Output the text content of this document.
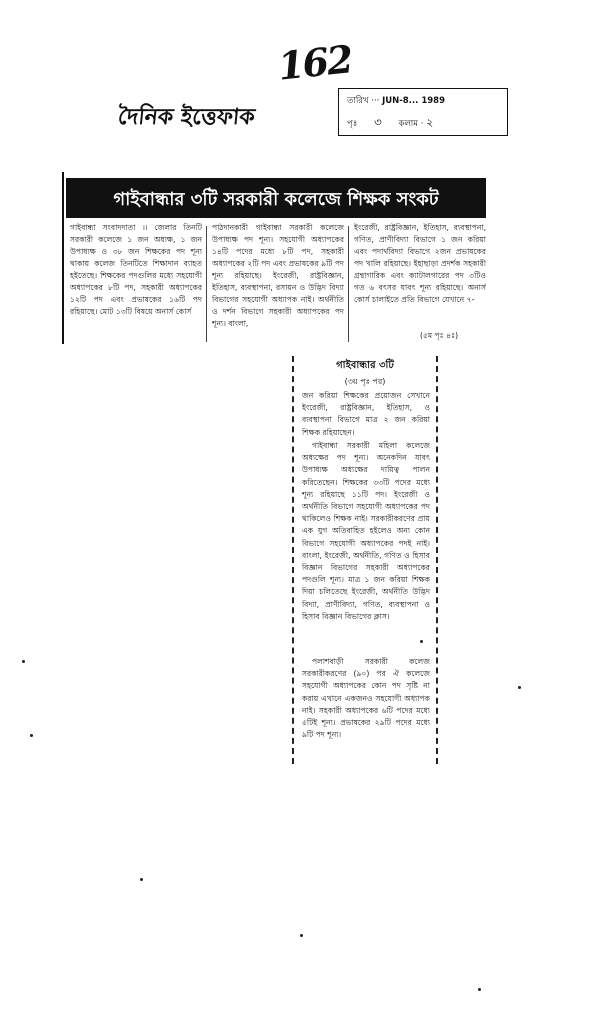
162
দৈনিক ইত্তেফাক
তারিখ ··· JUN-8... 1989
পৃঃ ৩ কলাম · ২
গাইবান্ধার ৩টি সরকারী কলেজে শিক্ষক সংকট
গাইবান্ধা সংবাদদাতা ।। জেলার তিনটি সরকারী কলেজে ১ জন অধ্যক্ষ, ১ জন উপাধ্যক্ষ ও ৩৮ জন শিক্ষকের পদ শূন্য থাকায় কলেজ তিনটিতে শিক্ষাদান ব্যাহত হইতেছে। শিক্ষকের পদগুলির মধ্যে সহযোগী অধ্যাপকের ৮টি পদ, সহকারী অধ্যাপকের ১২টি পদ এবং প্রভাষকের ১৬টি পদ রহিয়াছে। মোট ১৩টি বিষয়ে অনার্স কোর্স
পাঠদানকারী গাইবান্ধা সরকারী কলেজে উপাধ্যক্ষ পদ শূন্য। সহযোগী অধ্যাপকের ১৪টি পদের মধ্যে ৮টি পদ, সহকারী অধ্যাপকের ২টি পদ এবং প্রভাষকের ৯টি পদ শূন্য রহিয়াছে। ইংরেজী, রাষ্ট্রবিজ্ঞান, ইতিহাস, ব্যবস্থাপনা, রসায়ন ও উদ্ভিদ বিদ্যা বিভাগের সহযোগী অধ্যাপক নাই। অর্থনীতি ও দর্শন বিভাগে সহকারী অধ্যাপকের পদ শূন্য। বাংলা,
ইংরেজী, রাষ্ট্রবিজ্ঞান, ইতিহাস, ব্যবস্থাপনা, গণিত, প্রাণীবিদ্যা বিভাগে ১ জন করিয়া এবং পদার্থবিদ্যা বিভাগে ২জন প্রভাষকের পদ খালি রহিয়াছে। ইহাছাড়া প্রদর্শক সহকারী গ্রন্থাগারিক এবং ক্যাটালগারের পদ ৩টিও গত ৬ বৎসর যাবৎ শূন্য রহিয়াছে। অনার্স কোর্স চালাইতে প্রতি বিভাগে যেখানে ৭-
(৫ম পৃঃ ৪ঃ)
গাইবান্ধার ৩টি
(৩য় পৃঃ পর)
জন করিয়া শিক্ষকের প্রয়োজন সেখানে ইংরেজী, রাষ্ট্রবিজ্ঞান, ইতিহাস, ও ব্যবস্থাপনা বিভাগে মাত্র ২ জন করিয়া শিক্ষক রহিয়াছেন।
গাইবান্ধা সরকারী মহিলা কলেজে অধ্যক্ষের পদ শূন্য। অনেকদিন যাবৎ উপাধ্যক্ষ অধ্যক্ষের দায়িত্ব পালন করিতেছেন। শিক্ষকের ৩৩টি পদের মধ্যে শূন্য রহিয়াছে ১১টি পদ। ইংরেজী ও অর্থনীতি বিভাগে সহযোগী অধ্যাপকের পদ থাকিলেও শিক্ষক নাই। সরকারীকরণের প্রায় এক যুগ অতিবাহিত হইলেও অন্য কোন বিভাগে সহযোগী অধ্যাপকের পদই নাই। বাংলা, ইংরেজী, অর্থনীতি, গণিত ও হিসাব বিজ্ঞান বিভাগের সহকারী অধ্যাপকের পদগুলি শূন্য। মাত্র ১ জন করিয়া শিক্ষক দিয়া চলিতেছে ইংরেজী, অর্থনীতি উদ্ভিদ বিদ্যা, প্রাণীবিদ্যা, গণিত, ব্যবস্থাপনা ও হিসাব বিজ্ঞান বিভাগের ক্লাস।
পলাশবাড়ী সরকারী কলেজ সরকারীকরণের (৯০) পর ঐ কলেজে সহযোগী অধ্যাপকের কোন পদ সৃষ্টি না করায় এখানে একজনও সহযোগী অধ্যাপক নাই। সহকারী অধ্যাপকের ৬টি পদের মধ্যে ৫টিই শূন্য। প্রভাষকের ২৯টি পদের মধ্যে ৯টি পদ শূন্য।
